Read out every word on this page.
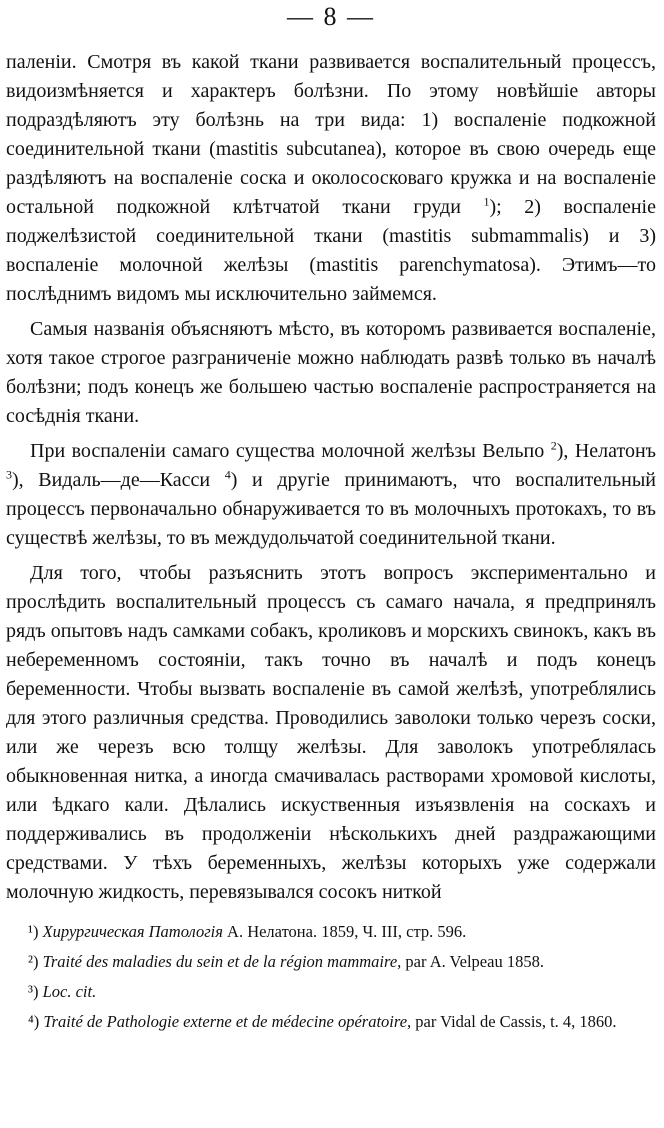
— 8 —

паленіи. Смотря въ какой ткани развивается воспалительный процессъ, видоизмѣняется и характеръ болѣзни. По этому новѣйшіе авторы подраздѣляютъ эту болѣзнь на три вида: 1) воспаленіе подкожной соединительной ткани (mastitis subcutanea), которое въ свою очередь еще раздѣляютъ на воспаленіе соска и околососковаго кружка и на воспаленіе остальной подкожной клѣтчатой ткани груди $^1$); 2) воспаленіе поджелѣзистой соединительной ткани (mastitis submammalis) и 3) воспаленіе молочной желѣзы (mastitis parenchymatosa). Этимъ—то послѣднимъ видомъ мы исключительно займемся.

Самыя названія объясняютъ мѣсто, въ которомъ развивается воспаленіе, хотя такое строгое разграниченіе можно наблюдать развѣ только въ началѣ болѣзни; подъ конецъ же большею частью воспаленіе распространяется на сосѣднія ткани.

При воспаленіи самаго существа молочной желѣзы Вельпо $^2$), Нелатонъ $^3$), Видаль—де—Касси $^4$) и другіе принимаютъ, что воспалительный процессъ первоначально обнаруживается то въ молочныхъ протокахъ, то въ существѣ желѣзы, то въ междудольчатой соединительной ткани.

Для того, чтобы разъяснить этотъ вопросъ экспериментально и прослѣдить воспалительный процессъ съ самаго начала, я предпринялъ рядъ опытовъ надъ самками собакъ, кроликовъ и морскихъ свинокъ, какъ въ небеременномъ состояніи, такъ точно въ началѣ и подъ конецъ беременности. Чтобы вызвать воспаленіе въ самой желѣзѣ, употреблялись для этого различныя средства. Проводились заволоки только черезъ соски, или же черезъ всю толщу желѣзы. Для заволокъ употреблялась обыкновенная нитка, а иногда смачивалась растворами хромовой кислоты, или ѣдкаго кали. Дѣлались искуственныя изъязвленія на соскахъ и поддерживались въ продолженіи нѣсколькихъ дней раздражающими средствами. У тѣхъ беременныхъ, желѣзы которыхъ уже содержали молочную жидкость, перевязывался сосокъ ниткой

¹) Хирургическая Патологія А. Нелатона. 1859, Ч. III, стр. 596.

²) Traité des maladies du sein et de la région mammaire, par A. Velpeau 1858.

³) Loc. cit.

⁴) Traité de Pathologie externe et de médecine opératoire, par Vidal de Cassis, t. 4, 1860.
